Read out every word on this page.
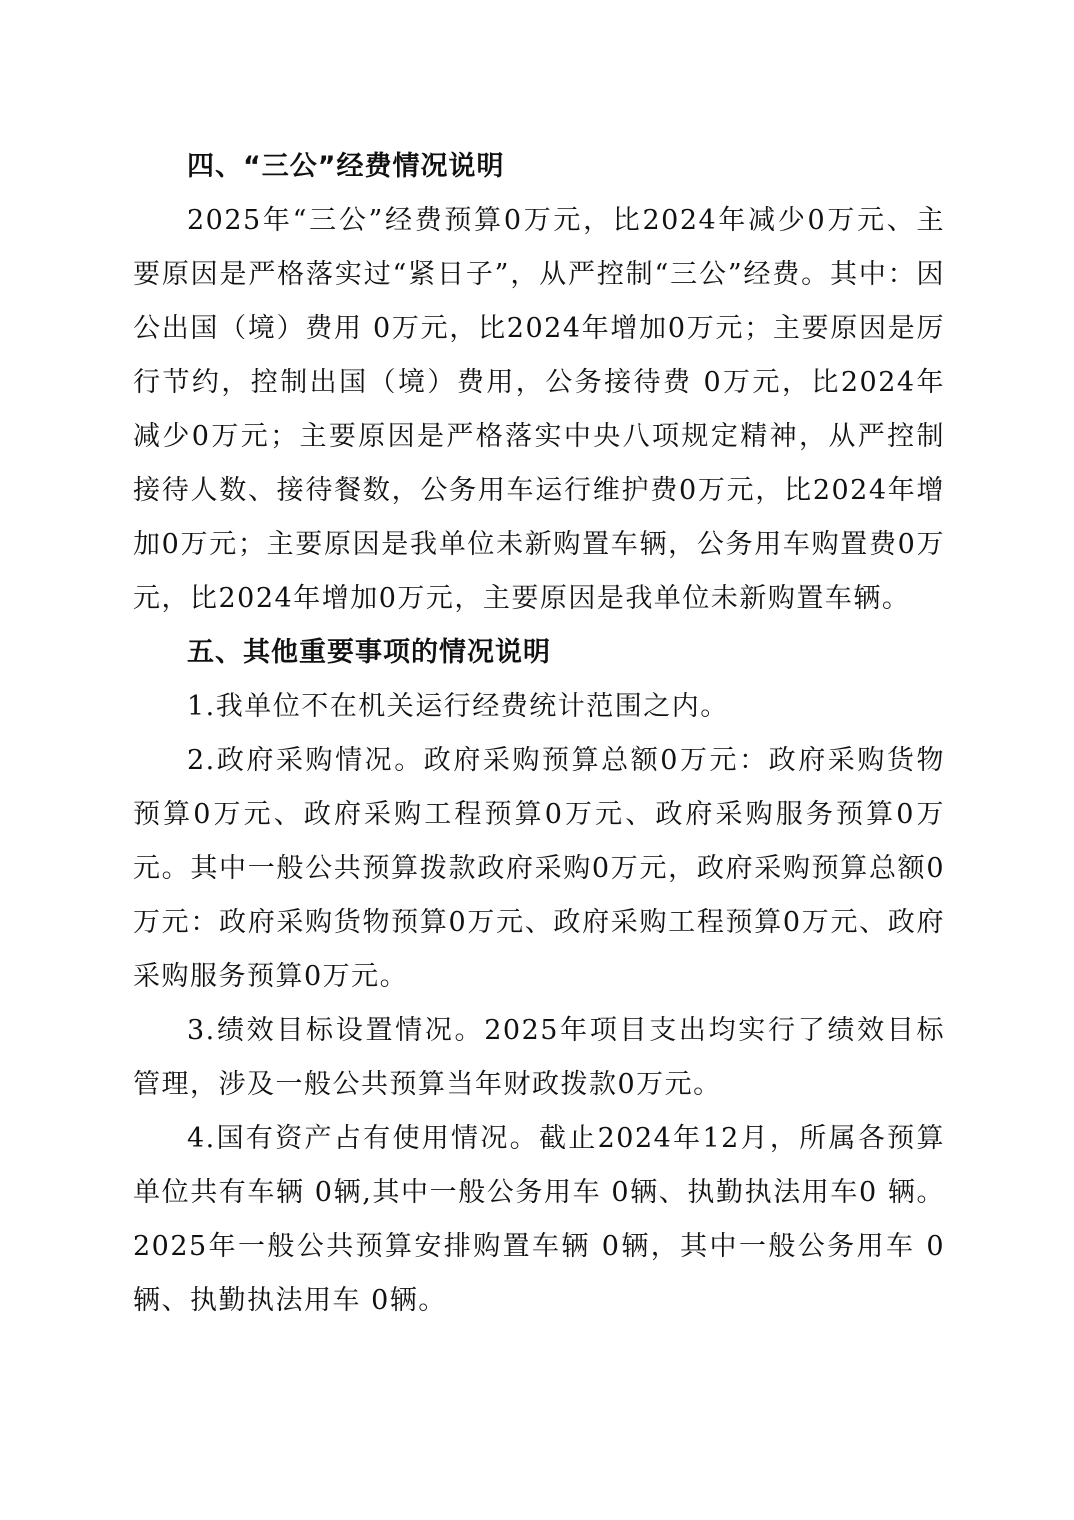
四、“三公”经费情况说明

2025年“三公”经费预算0万元，比2024年减少0万元、主要原因是严格落实过“紧日子”，从严控制“三公”经费。其中：因公出国（境）费用 0万元，比2024年增加0万元；主要原因是厉行节约，控制出国（境）费用，公务接待费 0万元，比2024年减少0万元；主要原因是严格落实中央八项规定精神，从严控制接待人数、接待餐数，公务用车运行维护费0万元，比2024年增加0万元；主要原因是我单位未新购置车辆，公务用车购置费0万元，比2024年增加0万元，主要原因是我单位未新购置车辆。

五、其他重要事项的情况说明

1.我单位不在机关运行经费统计范围之内。

2.政府采购情况。政府采购预算总额0万元：政府采购货物预算0万元、政府采购工程预算0万元、政府采购服务预算0万元。其中一般公共预算拨款政府采购0万元，政府采购预算总额0万元：政府采购货物预算0万元、政府采购工程预算0万元、政府采购服务预算0万元。

3.绩效目标设置情况。2025年项目支出均实行了绩效目标管理，涉及一般公共预算当年财政拨款0万元。

4.国有资产占有使用情况。截止2024年12月，所属各预算单位共有车辆 0辆,其中一般公务用车 0辆、执勤执法用车0 辆。2025年一般公共预算安排购置车辆 0辆，其中一般公务用车 0辆、执勤执法用车 0辆。
